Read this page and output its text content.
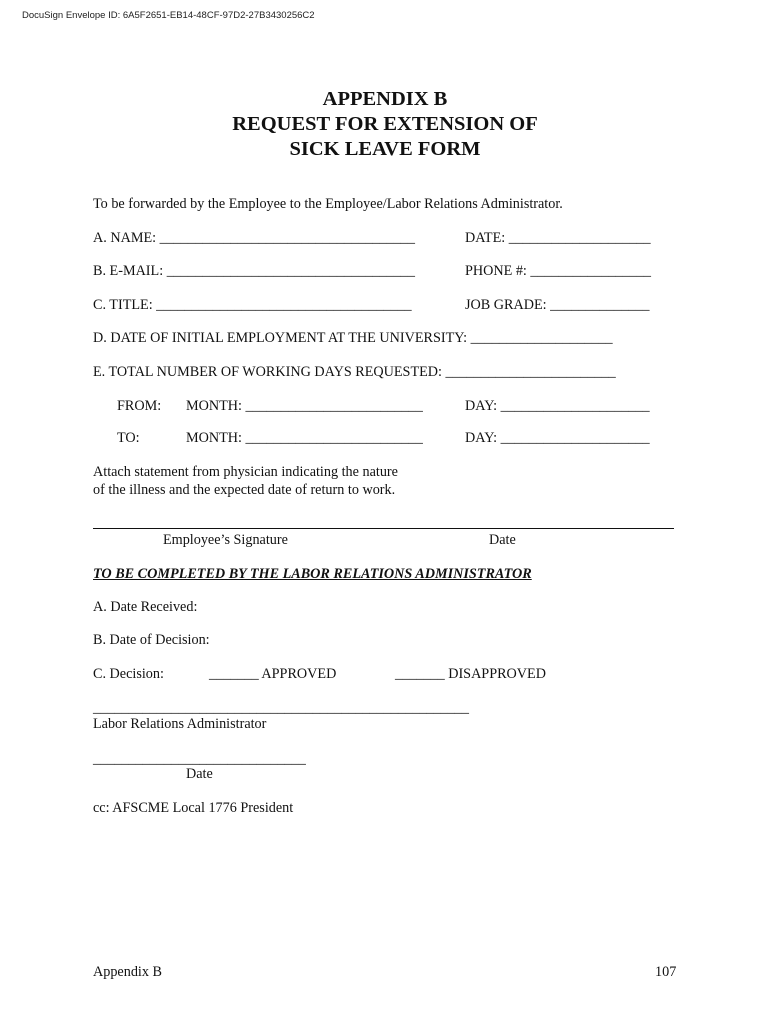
DocuSign Envelope ID: 6A5F2651-EB14-48CF-97D2-27B3430256C2
APPENDIX B
REQUEST FOR EXTENSION OF
SICK LEAVE FORM
To be forwarded by the Employee to the Employee/Labor Relations Administrator.
A. NAME: ____________________________________	DATE: ____________________
B. E-MAIL: ___________________________________	PHONE #: _________________
C. TITLE: ____________________________________	JOB GRADE: ______________
D. DATE OF INITIAL EMPLOYMENT AT THE UNIVERSITY: ____________________
E. TOTAL NUMBER OF WORKING DAYS REQUESTED: ________________________
FROM: MONTH: _________________________	DAY: _____________________
TO:	MONTH: _________________________	DAY: _____________________
Attach statement from physician indicating the nature
of the illness and the expected date of return to work.
Employee’s Signature	Date
TO BE COMPLETED BY THE LABOR RELATIONS ADMINISTRATOR
A. Date Received:
B. Date of Decision:
C. Decision:	_______ APPROVED	_______ DISAPPROVED
_____________________________________________________
Labor Relations Administrator
______________________________
Date
cc: AFSCME Local 1776 President
Appendix B	107
